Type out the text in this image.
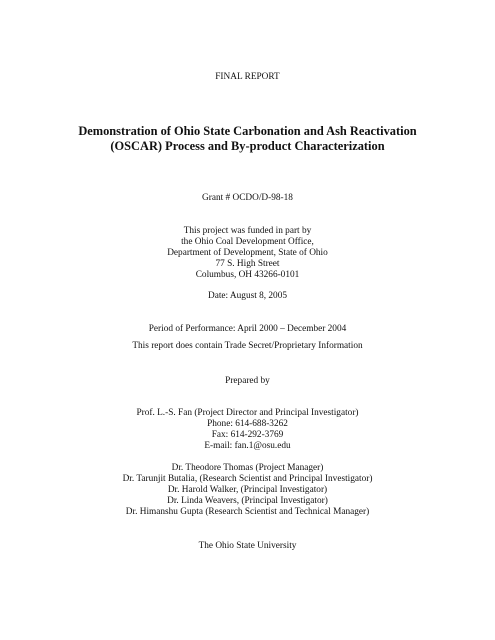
FINAL REPORT
Demonstration of Ohio State Carbonation and Ash Reactivation
(OSCAR) Process and By-product Characterization
Grant # OCDO/D-98-18
This project was funded in part by
the Ohio Coal Development Office,
Department of Development, State of Ohio
77 S. High Street
Columbus, OH 43266-0101
Date: August 8, 2005
Period of Performance: April 2000 – December 2004
This report does contain Trade Secret/Proprietary Information
Prepared by
Prof. L.-S. Fan (Project Director and Principal Investigator)
Phone: 614-688-3262
Fax: 614-292-3769
E-mail: fan.1@osu.edu
Dr. Theodore Thomas (Project Manager)
Dr. Tarunjit Butalia, (Research Scientist and Principal Investigator)
Dr. Harold Walker, (Principal Investigator)
Dr. Linda Weavers, (Principal Investigator)
Dr. Himanshu Gupta (Research Scientist and Technical Manager)
The Ohio State University
